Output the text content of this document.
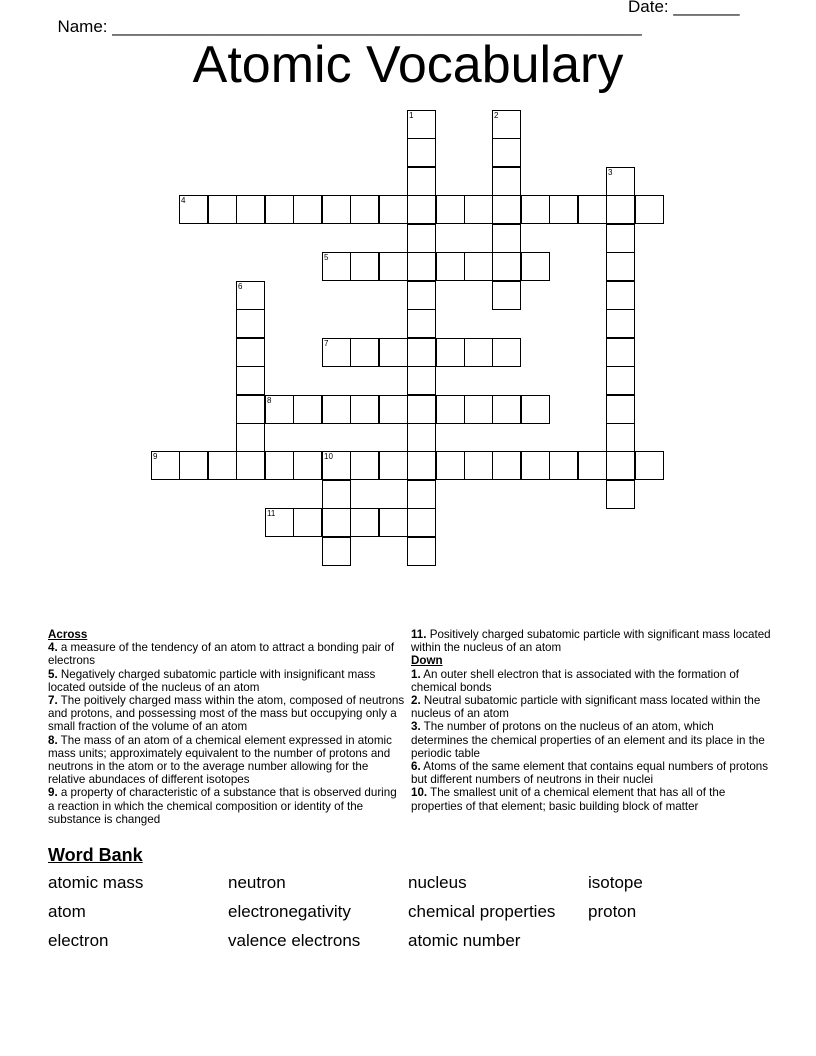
Name: ________________________________________________________

Date: _______

Atomic Vocabulary
1	2
3
4
5
6
7
8
9	10
11
Across
4. a measure of the tendency of an atom to attract a bonding pair of electrons
5. Negatively charged subatomic particle with insignificant mass located outside of the nucleus of an atom
7. The poitively charged mass within the atom, composed of neutrons and protons, and possessing most of the mass but occupying only a small fraction of the volume of an atom
8. The mass of an atom of a chemical element expressed in atomic mass units; approximately equivalent to the number of protons and neutrons in the atom or to the average number allowing for the relative abundaces of different isotopes
9. a property of characteristic of a substance that is observed during a reaction in which the chemical composition or identity of the substance is changed
11. Positively charged subatomic particle with significant mass located within the nucleus of an atom
Down
1. An outer shell electron that is associated with the formation of chemical bonds
2. Neutral subatomic particle with significant mass located within the nucleus of an atom
3. The number of protons on the nucleus of an atom, which determines the chemical properties of an element and its place in the periodic table
6. Atoms of the same element that contains equal numbers of protons but different numbers of neutrons in their nuclei
10. The smallest unit of a chemical element that has all of the properties of that element; basic building block of matter
Word Bank
atomic mass	neutron	nucleus	isotope
atom	electronegativity	chemical properties	proton
electron	valence electrons	atomic number
